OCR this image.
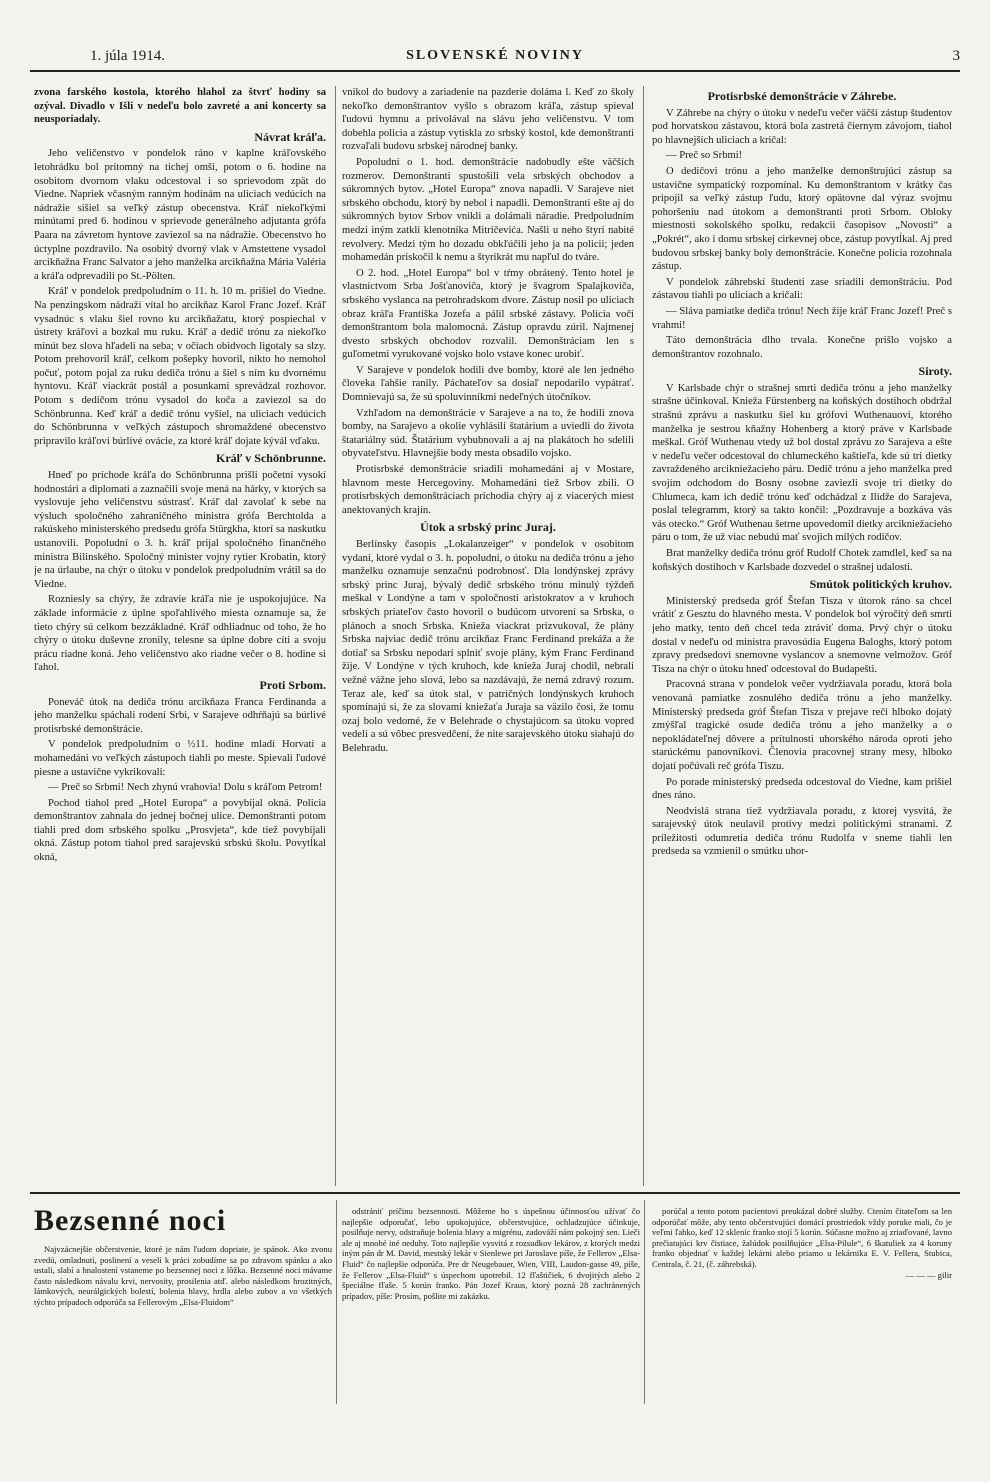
1. júla 1914.	SLOVENSKÉ NOVINY	3

zvona farského kostola, ktorého hlahol za štvrť hodiny sa ozýval. Divadlo v Išli v nedeľu bolo zavreté a ani koncerty sa neusporiadaly.

Návrat kráľa.

Jeho veličenstvo v pondelok ráno v kaplne kráľovského letohrádku bol prítomný na tichej omši, potom o 6. hodine na osobitom dvornom vlaku odcestoval i so sprievodom zpät do Viedne. Napriek včasným ranným hodinám na uliciach vedúcich na nádražie sišiel sa veľký zástup obecenstva. Kráľ niekoľkými minútami pred 6. hodinou v sprievode generálneho adjutanta grófa Paara na závretom hyntove zaviezol sa na nádražie. Obecenstvo ho úctyplne pozdravilo. Na osobitý dvorný vlak v Amstettene vysadol arcikňažna Franc Salvator a jeho manželka arcikňažna Mária Valéria a kráľa odprevadili po St.-Pölten.

Kráľ v pondelok predpoludním o 11. h. 10 m. prišiel do Viedne. Na penzingskom nádraží vítal ho arcikňaz Karol Franc Jozef. Kráľ vysadnúc s vlaku šiel rovno ku arcikňažatu, ktorý pospiechal v ústrety kráľovi a bozkal mu ruku. Kráľ a dedič trónu za niekoľko minút bez slova hľadeli na seba; v očiach obidvoch ligotaly sa slzy. Potom prehovoril kráľ, celkom pošepky hovoril, nikto ho nemohol počuť, potom pojal za ruku dediča trónu a šiel s ním ku dvornému hyntovu. Kráľ viackrát postál a posunkami sprevádzal rozhovor. Potom s dedičom trónu vysadol do koča a zaviezol sa do Schönbrunna. Keď kráľ a dedič trónu vyšiel, na uliciach vedúcich do Schönbrunna v veľkých zástupoch shromaždené obecenstvo pripravilo kráľovi búrlivé ovácie, za ktoré kráľ dojate kývál vďaku.

Kráľ v Schönbrunne.

Hneď po príchode kráľa do Schönbrunna prišli početní vysokí hodnostári a diplomati a zaznačili svoje mená na hárky, v ktorých sa vyslovuje jeho veličenstvu sústrasť. Kráľ dal zavolať k sebe na výsluch spoločného zahraničného ministra grófa Berchtolda a rakúskeho ministerského predsedu grófa Stürgkha, ktorí sa naskutku ustanovili. Popoludní o 3. h. kráľ prijal spoločného finančného ministra Bilinského. Spoločný minister vojny rytier Krobatin, ktorý je na úrlaube, na chýr o útoku v pondelok predpoludním vrátil sa do Viedne.

Rozniesly sa chýry, že zdravie kráľa nie je uspokojujúce. Na základe informácie z úplne spoľahlivého miesta oznamuje sa, že tieto chýry sú celkom bezzákladné. Kráľ odhliadnuc od toho, že ho chýry o útoku duševne zronily, telesne sa úplne dobre cíti a svoju prácu riadne koná. Jeho veličenstvo ako riadne večer o 8. hodine si ľahol.

Proti Srbom.

Poneváč útok na dediča trónu arcikňaza Franca Ferdinanda a jeho manželku spáchali rodení Srbi, v Sarajeve odhŕňajú sa búrlivé protisrbské demonštrácie.

V pondelok predpoludním o ½11. hodine mladí Horvati a mohamedáni vo veľkých zástupoch tiahli po meste. Spievali ľudové piesne a ustavične vykrikovali:

— Preč so Srbmi! Nech zhynú vrahovia! Dolu s kráľom Petrom!

Pochod tiahol pred „Hotel Europa“ a povybíjal okná. Policia demonštrantov zahnala do jednej bočnej ulice. Demonštranti potom tiahli pred dom srbského spolku „Prosvjeta“, kde tiež povybíjali okná. Zástup potom tiahol pred sarajevskú srbskú školu. Povytĺkal okná,

vnikol do budovy a zariadenie na pazderie doláma l. Keď zo školy nekoľko demonštrantov vyšlo s obrazom kráľa, zástup spieval ľudovú hymnu a privolával na slávu jeho veličenstvu. V tom dobehla policia a zástup vytiskla zo srbský kostol, kde demonštranti rozvaľali budovu srbskej národnej banky.

Popoludní o 1. hod. demonštrácie nadobudly ešte väčších rozmerov. Demonštranti spustošili vela srbských obchodov a súkromných bytov. „Hotel Europa“ znova napadli. V Sarajeve niet srbského obchodu, ktorý by nebol i napadli. Demonštranti ešte aj do súkromných bytov Srbov vnikli a dolámali náradie. Predpoludním medzi iným zatkli klenotníka Mitričevića. Našli u neho štyri nabité revolvery. Medzi tým ho dozadu obkľúčili jeho ja na policii; jeden mohamedán priskočil k nemu a štyrikrát mu napľul do tváre.

O 2. hod. „Hotel Europa“ bol v tŕmy obrátený. Tento hotel je vlastníctvom Srba Jošťanoviča, ktorý je švagrom Spalajkoviča, srbského vyslanca na petrohradskom dvore. Zástup nosil po uliciach obraz kráľa Františka Jozefa a pálil srbské zástavy. Policia voči demonštrantom bola malomocná. Zástup opravdu zúril. Najmenej dvesto srbských obchodov rozvalil. Demonštráciam len s guľometmi vyrukované vojsko bolo vstave konec urobiť.

V Sarajeve v pondelok hodili dve bomby, ktoré ale len jedného človeka ľahšie ranily. Páchateľov sa dosiaľ nepodarilo vypátrať. Domnievajú sa, že sú spoluvinníkmi nedeľných útočníkov.

Vzhľadom na demonštrácie v Sarajeve a na to, že hodili znova bomby, na Sarajevo a okolie vyhlásili štatárium a uviedli do života štatariálny súd. Štatárium vybubnovali a aj na plakátoch ho sdelili obyvateľstvu. Hlavnejšie body mesta obsadilo vojsko.

Protisrbské demonštrácie sriadili mohamedáni aj v Mostare, hlavnom meste Hercegoviny. Mohamedáni tiež Srbov zbili. O protisrbských demonštráciach prichodia chýry aj z viacerých miest anektovaných krajín.

Útok a srbský princ Juraj.

Berlínsky časopis „Lokalanzeiger“ v pondelok v osobitom vydaní, ktoré vydal o 3. h. popoludní, o útoku na dediča trónu a jeho manželku oznamuje senzačnú podrobnosť. Dla londýnskej zprávy srbský princ Juraj, bývalý dedič srbského trónu minulý týždeň meškal v Londýne a tam v spoločnosti aristokratov a v kruhoch srbských priateľov často hovoril o budúcom utvorení sa Srbska, o plánoch a snoch Srbska. Knieža viackrat prízvukoval, že plány Srbska najviac dedič trónu arcikňaz Franc Ferdinand prekáža a že dotiaľ sa Srbsku nepodarí splniť svoje plány, kým Franc Ferdinand žije. V Londýne v tých kruhoch, kde knieža Juraj chodil, nebrali vežné vážne jeho slová, lebo sa nazdávajú, že nemá zdravý rozum. Teraz ale, keď sa útok stal, v patričných londýnskych kruhoch spomínajú si, že za slovami kniežaťa Juraja sa väzilo čosi, že tomu ozaj bolo vedomé, že v Belehrade o chystajúcom sa útoku vopred vedeli a sú vôbec presvedčení, že nite sarajevského útoku siahajú do Belehradu.

Protisrbské demonštrácie v Záhrebe.

V Záhrebe na chýry o útoku v nedeľu večer väčší zástup študentov pod horvatskou zástavou, ktorá bola zastretá čiernym závojom, tiahol po hlavnejších uliciach a kričal:

— Preč so Srbmi!

O dedičovi trónu a jeho manželke demonštrujúci zástup sa ustavične sympatický rozpomínal. Ku demonštrantom v krátky čas pripojil sa veľký zástup ľudu, ktorý opätovne dal výraz svojmu pohoršeniu nad útokom a demonštranti proti Srbom. Obloky miestnosti sokolského spolku, redakcii časopisov „Novosti“ a „Pokrét“, ako i domu srbskej cirkevnej obce, zástup povytĺkal. Aj pred budovou srbskej banky boly demonštrácie. Konečne policia rozohnala zástup.

V pondelok záhrebskí študenti zase sriadili demonštráciu. Pod zástavou tiahli po uliciach a kričali:

— Sláva pamiatke dediča trónu! Nech žije kráľ Franc Jozef! Preč s vrahmi!

Táto demonštrácia dlho trvala. Konečne prišlo vojsko a demonštrantov rozohnalo.

Siroty.

V Karlsbade chýr o strašnej smrti dediča trónu a jeho manželky strašne účinkoval. Knieža Fürstenberg na koňských dostihoch obdržal strašnú zprávu a naskutku šiel ku grófovi Wuthenauovi, ktorého manželka je sestrou kňažny Hohenberg a ktorý práve v Karlsbade meškal. Gróf Wuthenau vtedy už bol dostal zprávu zo Sarajeva a ešte v nedeľu večer odcestoval do chlumeckého kaštieľa, kde sú tri dietky zavraždeného arcikniežacieho páru. Dedič trónu a jeho manželka pred svojím odchodom do Bosny osobne zaviezli svoje tri dietky do Chlumeca, kam ich dedič trónu keď odchádzal z Ilidže do Sarajeva, poslal telegramm, ktorý sa takto končil: „Pozdravuje a bozkáva vás vás otecko.“ Gróf Wuthenau šetrne upovedomil dietky arcikniežacieho páru o tom, že už viac nebudú mať svojich milých rodičov.

Brat manželky dediča trónu gróf Rudolf Chotek zamdlel, keď sa na koňských dostihoch v Karlsbade dozvedel o strašnej udalosti.

Smútok politických kruhov.

Ministerský predseda gróf Štefan Tisza v útorok ráno sa chcel vrátiť z Gesztu do hlavného mesta. V pondelok bol výročitý deň smrti jeho matky, tento deň chcel teda ztráviť doma. Prvý chýr o útoku dostal v nedeľu od ministra pravosúdia Eugena Baloghs, ktorý potom zpravy predsedovi snemovne vyslancov a snemovne velmožov. Gróf Tisza na chýr o útoku hneď odcestoval do Budapešti.

Pracovná strana v pondelok večer vydržiavala poradu, ktorá bola venovaná pamiatke zosnulého dediča trónu a jeho manželky. Ministerský predseda gróf Štefan Tisza v prejave reči hlboko dojatý zmýšľal tragické osude dediča trónu a jeho manželky a o nepokládateľnej dôvere a prítulnosti uhorského národa oproti jeho starúckému panovníkovi. Členovia pracovnej strany mesy, hlboko dojatí počúvali reč grófa Tiszu.

Po porade ministerský predseda odcestoval do Viedne, kam prišiel dnes ráno.

Neodvislá strana tiež vydržiavala poradu, z ktorej vysvitá, že sarajevský útok neulavil protivy medzi politickými stranami. Z príležitosti odumretia dediča trónu Rudolfa v sneme tiahli len predseda sa vzmienil o smútku uhor-

Bezsenné noci

Najvzácnejšie občerstvenie, ktoré je nám ľudom dopriate, je spánok. Ako zvonu zvedú, omladnutí, poslinení a veselí k práci zobudíme sa po zdravom spánku a ako ustali, slabí a hnalostení vstaneme po bezsennej noci z lôžka. Bezsenné noci mávame často následkom návalu krvi, nervosity, prosilenia atď. alebo následkom hrozitných, lámkových, neurálgických bolestí, bolenia hlavy, hrdla alebo zubov a vo všetkých týchto prípadoch odporúča sa Fellerovým „Elsa-Fluidom“

odstrániť príčinu bezsennosti. Môžeme ho s úspešnou účinnosťou užívať čo najlepšie odporučať, lebo upokojujúce, občerstvujúce, ochladzujúce účinkuje, posilňuje nervy, odstraňuje bolenia hlavy a migrénu, zadováží nám pokojný sen. Lieči ale aj mnohé iné neduhy. Toto najlepšie vysvitá z rozsudkov lekárov, z ktorých medzi iným pán dr M. David, mestský lekár v Sienlewe pri Jaroslave píše, že Fellerov „Elsa-Fluid“ čo najlepšie odporúča. Pre dr Neugebauer, Wien, VIII, Laudon-gasse 49, píše, že Fellerov „Elsa-Fluid“ s úspechom upotrebil. 12 fľaštičiek, 6 dvojitých alebo 2 špeciálne fľaše. 5 korún franko. Pán Jozef Kraus, ktorý pozná 28 zachránených prípadov, píše: Prosím, pošlite mi zakázku.

porúčal a tento potom pacientovi preukázal dobré služby. Ctením čitateľom sa len odporúčať môže, aby tento občerstvujúci domácí prostriedok vždy poruke mali, čo je veľmi ľahko, keď 12 skleníc franko stojí 5 korún. Súčasne možno aj zriaďované, lavno prečiatujúci krv čistiace, žalúdok posilňujúce „Elsa-Pilule“, 6 škatuliek za 4 koruny franko objednať v každej lekárni alebo priamo u lekárnika E. V. Fellera, Stubica, Centrala, č. 21, (č. záhrebská).

— — — gilir
